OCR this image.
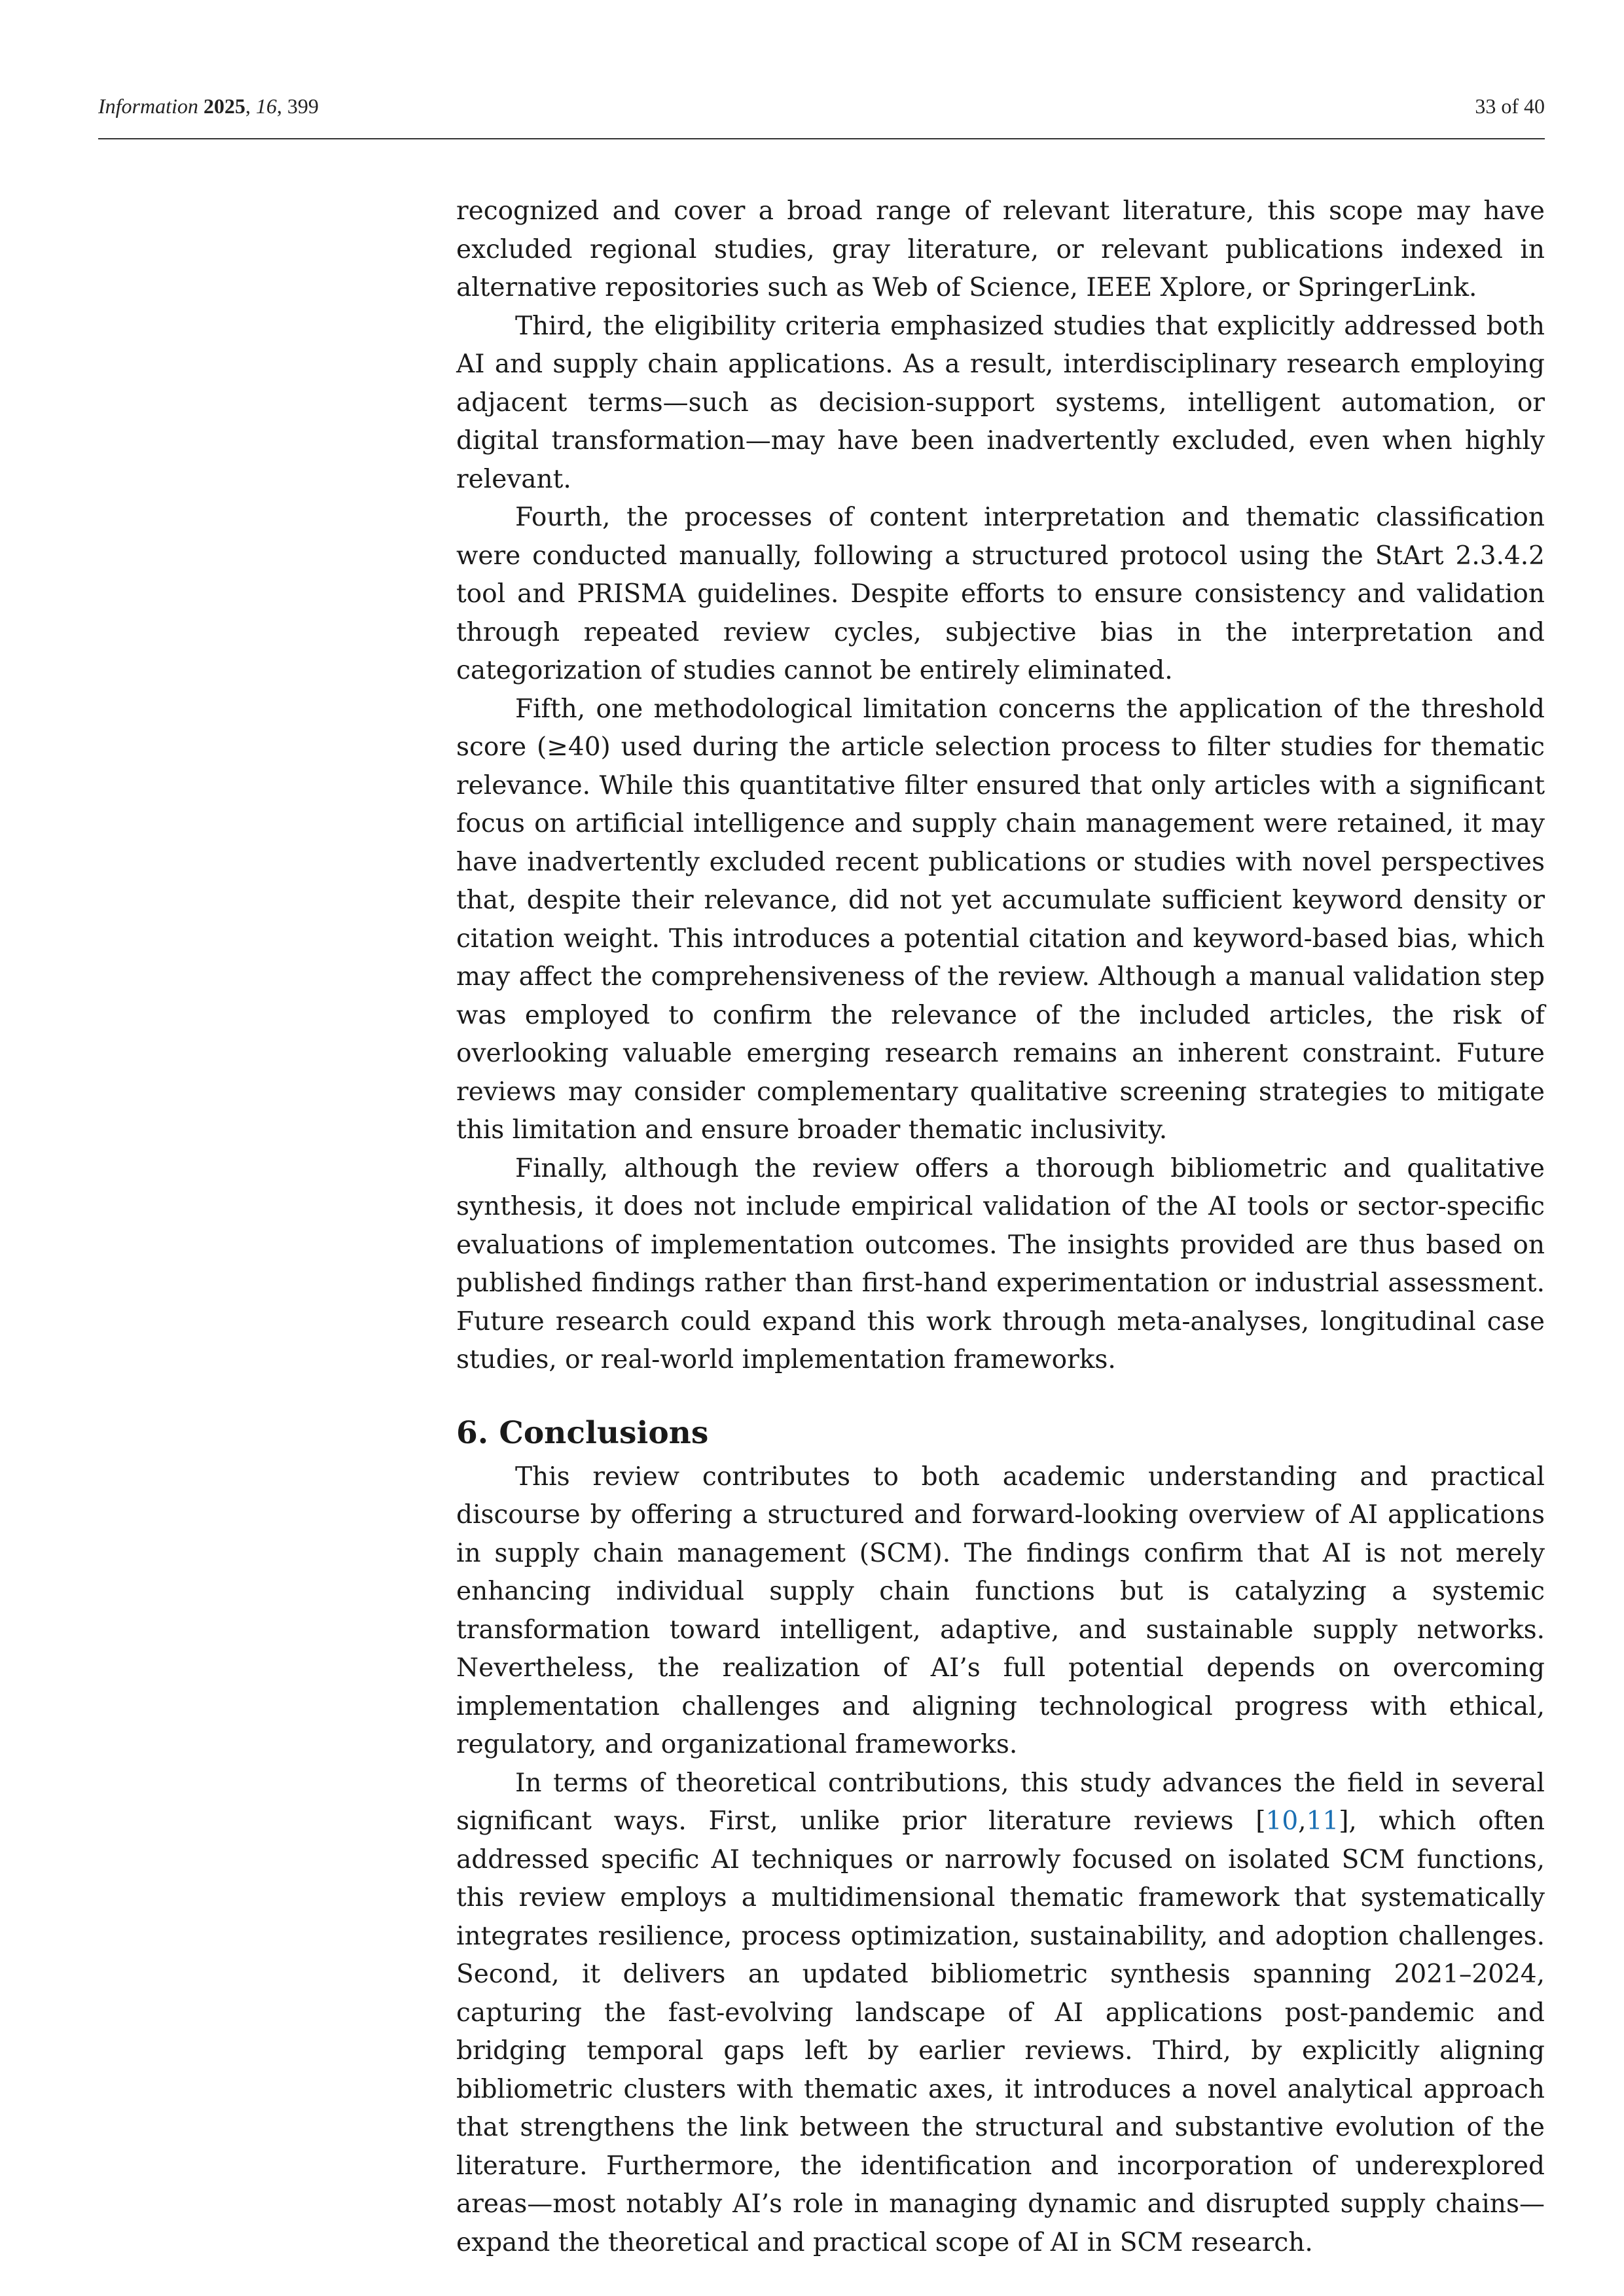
Information 2025, 16, 399	33 of 40

recognized and cover a broad range of relevant literature, this scope may have excluded regional studies, gray literature, or relevant publications indexed in alternative repositories such as Web of Science, IEEE Xplore, or SpringerLink.

Third, the eligibility criteria emphasized studies that explicitly addressed both AI and supply chain applications. As a result, interdisciplinary research employing adjacent terms—such as decision-support systems, intelligent automation, or digital transformation—may have been inadvertently excluded, even when highly relevant.

Fourth, the processes of content interpretation and thematic classification were conducted manually, following a structured protocol using the StArt 2.3.4.2 tool and PRISMA guidelines. Despite efforts to ensure consistency and validation through repeated review cycles, subjective bias in the interpretation and categorization of studies cannot be entirely eliminated.

Fifth, one methodological limitation concerns the application of the threshold score (≥40) used during the article selection process to filter studies for thematic relevance. While this quantitative filter ensured that only articles with a significant focus on artificial intelligence and supply chain management were retained, it may have inadvertently excluded recent publications or studies with novel perspectives that, despite their relevance, did not yet accumulate sufficient keyword density or citation weight. This introduces a potential citation and keyword-based bias, which may affect the comprehensiveness of the review. Although a manual validation step was employed to confirm the relevance of the included articles, the risk of overlooking valuable emerging research remains an inherent constraint. Future reviews may consider complementary qualitative screening strategies to mitigate this limitation and ensure broader thematic inclusivity.

Finally, although the review offers a thorough bibliometric and qualitative synthesis, it does not include empirical validation of the AI tools or sector-specific evaluations of implementation outcomes. The insights provided are thus based on published findings rather than first-hand experimentation or industrial assessment. Future research could expand this work through meta-analyses, longitudinal case studies, or real-world implementation frameworks.

6. Conclusions

This review contributes to both academic understanding and practical discourse by offering a structured and forward-looking overview of AI applications in supply chain management (SCM). The findings confirm that AI is not merely enhancing individual supply chain functions but is catalyzing a systemic transformation toward intelligent, adaptive, and sustainable supply networks. Nevertheless, the realization of AI’s full potential depends on overcoming implementation challenges and aligning technological progress with ethical, regulatory, and organizational frameworks.

In terms of theoretical contributions, this study advances the field in several significant ways. First, unlike prior literature reviews [10,11], which often addressed specific AI techniques or narrowly focused on isolated SCM functions, this review employs a multidimensional thematic framework that systematically integrates resilience, process optimization, sustainability, and adoption challenges. Second, it delivers an updated bibliometric synthesis spanning 2021–2024, capturing the fast-evolving landscape of AI applications post-pandemic and bridging temporal gaps left by earlier reviews. Third, by explicitly aligning bibliometric clusters with thematic axes, it introduces a novel analytical approach that strengthens the link between the structural and substantive evolution of the literature. Furthermore, the identification and incorporation of underexplored areas—most notably AI’s role in managing dynamic and disrupted supply chains—expand the theoretical and practical scope of AI in SCM research.
